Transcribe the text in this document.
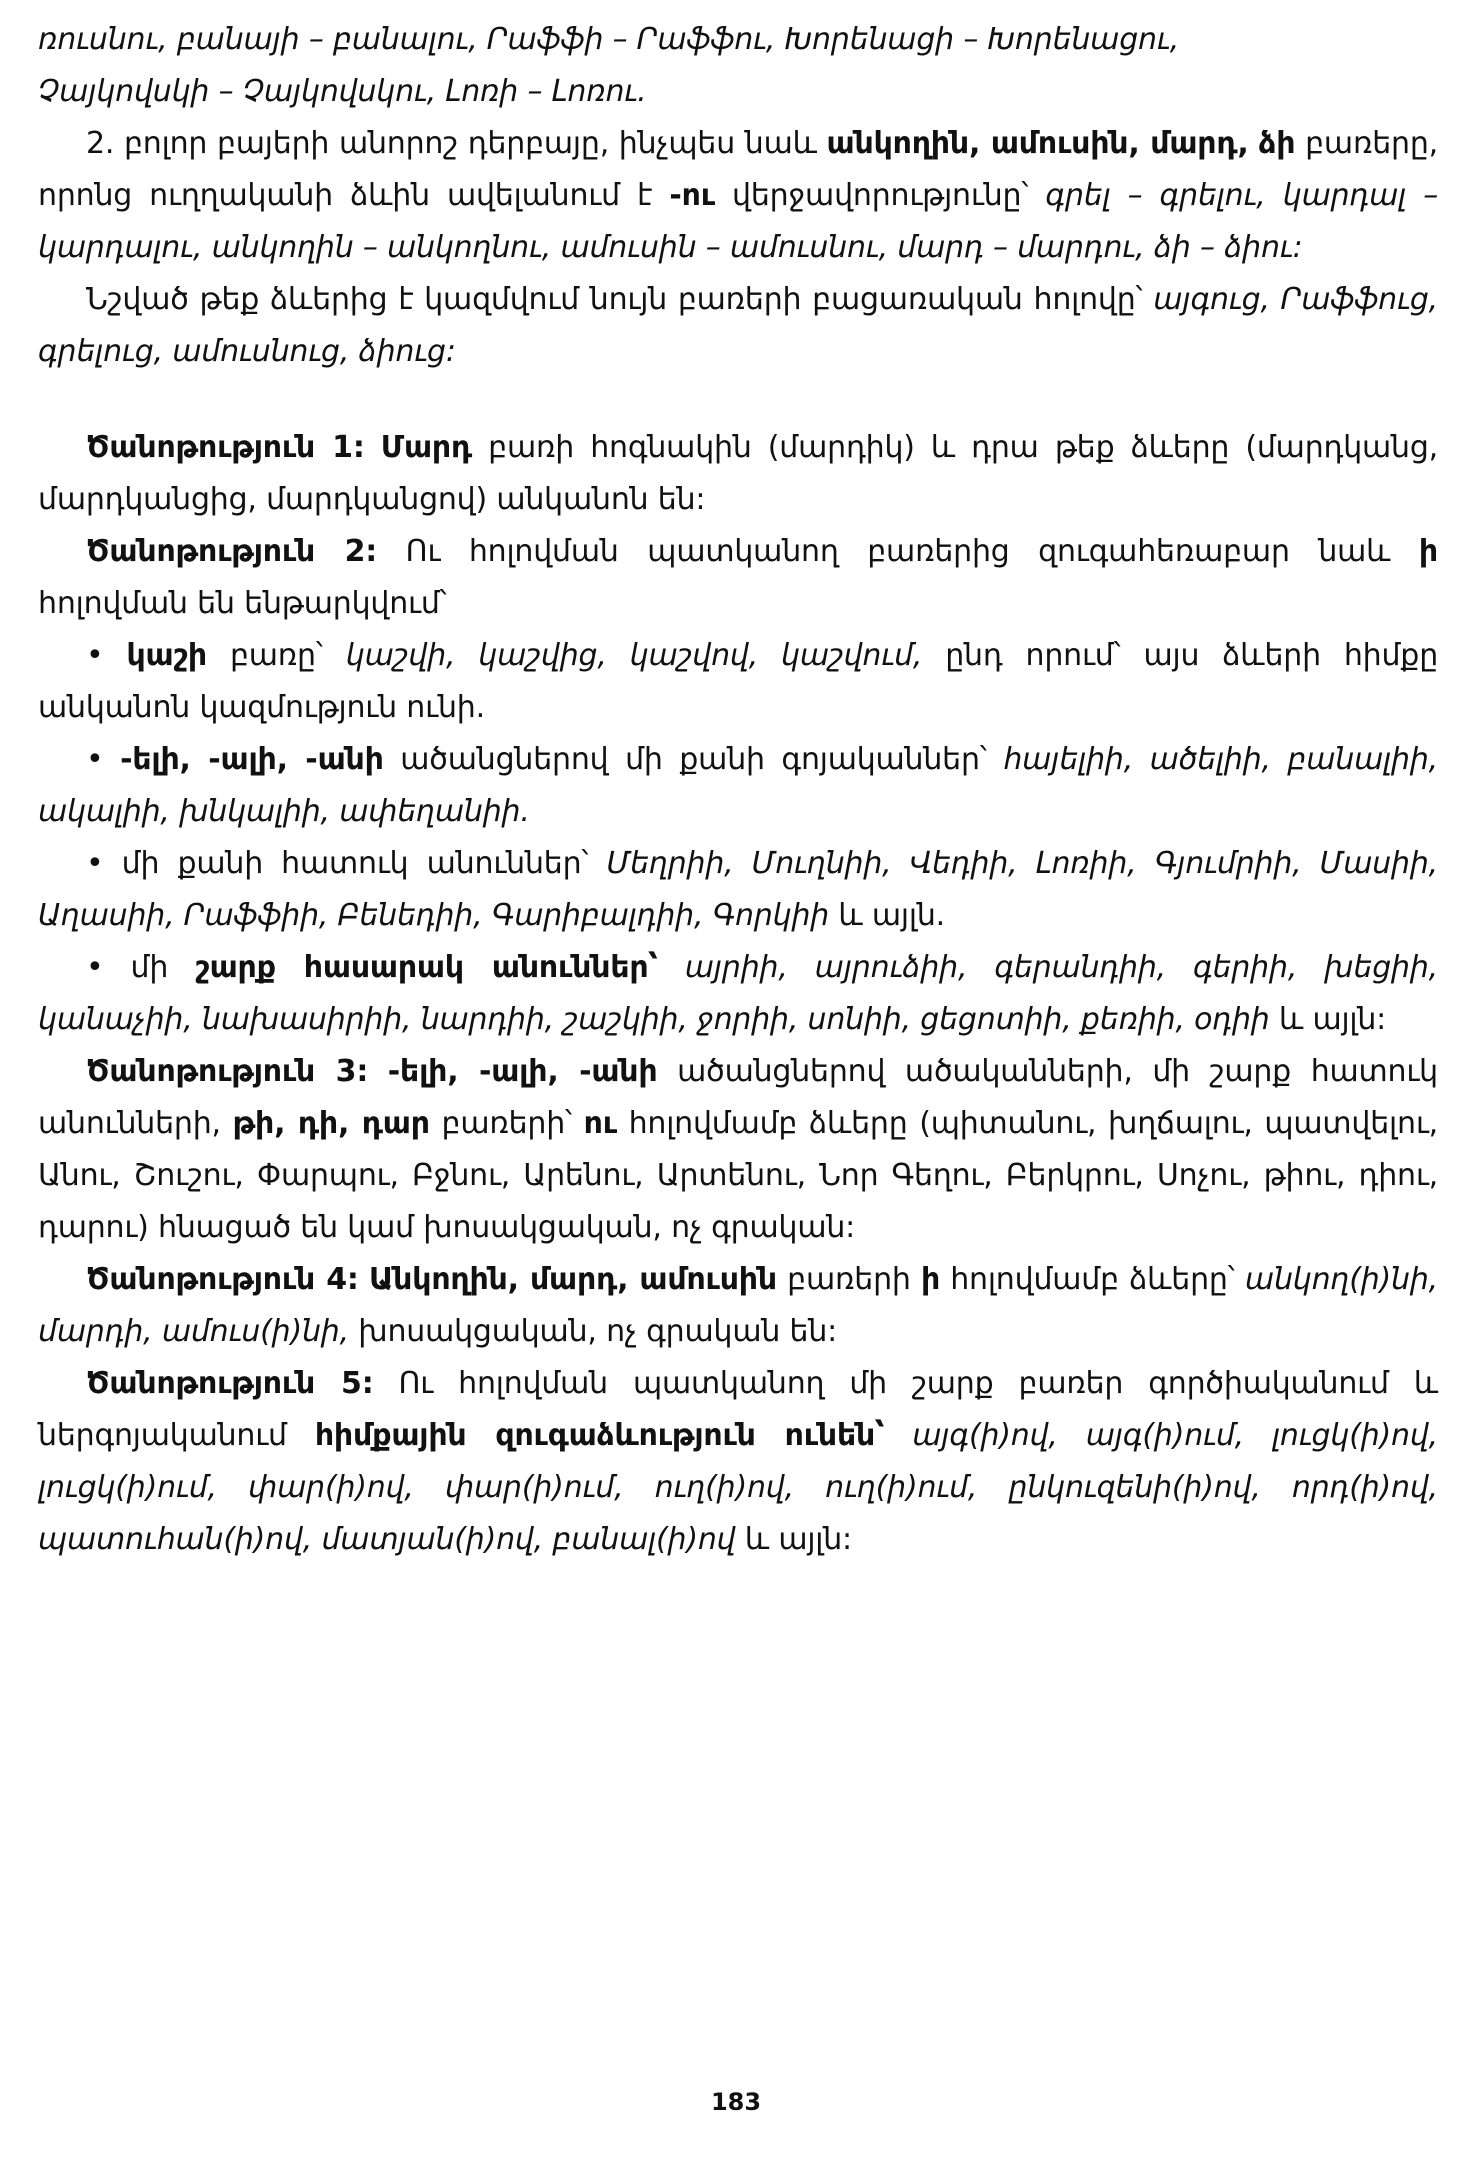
ռուսնու, բանայի – բանալու, Րաֆֆի – Րաֆֆու, Խորենացի – Խորենացու,
Չայկովսկի – Չայկովսկու, Լոռի – Լոռու.

2. բոլոր բայերի անորոշ դերբայը, ինչպես նաև անկողին, ամուսին, մարդ, ձի բառերը, որոնց ուղղականի ձևին ավելանում է -ու վերջավորությունը՝ գրել – գրելու, կարդալ – կարդալու, անկողին – անկողնու, ամուսին – ամուսնու, մարդ – մարդու, ձի – ձիու:

Նշված թեք ձևերից է կազմվում նույն բառերի բացառական հոլովը՝ այգուց, Րաֆֆուց, գրելուց, ամուսնուց, ձիուց:

Ծանոթություն 1: Մարդ բառի հոգնակին (մարդիկ) և դրա թեք ձևերը (մարդկանց, մարդկանցից, մարդկանցով) անկանոն են:

Ծանոթություն 2: Ու հոլովման պատկանող բառերից զուգահեռաբար նաև ի հոլովման են ենթարկվում՝

• կաշի բառը՝ կաշվի, կաշվից, կաշվով, կաշվում, ընդ որում՝ այս ձևերի հիմքը անկանոն կազմություն ունի.

• -ելի, -ալի, -անի ածանցներով մի քանի գոյականներ՝ հայելիի, ածելիի, բանալիի, ակալիի, խնկալիի, ափեղանիի.

• մի քանի հատուկ անուններ՝ Մեղրիի, Մուղնիի, Վեդիի, Լոռիի, Գյումրիի, Մասիի, Աղասիի, Րաֆֆիի, Բենեդիի, Գարիբալդիի, Գորկիի և այլն.

• մի շարք հասարակ անուններ՝ այրիի, այրուձիի, գերանդիի, գերիի, խեցիի, կանաչիի, նախասիրիի, նարդիի, շաշկիի, ջորիի, սոնիի, ցեցոտիի, քեռիի, օդիի և այլն:

Ծանոթություն 3: -ելի, -ալի, -անի ածանցներով ածականների, մի շարք հատուկ անունների, թի, դի, դար բառերի՝ ու հոլովմամբ ձևերը (պիտանու, խղճալու, պատվելու, Անու, Շուշու, Փարպու, Բջնու, Արենու, Արտենու, Նոր Գեղու, Բերկրու, Սոչու, թիու, դիու, դարու) հնացած են կամ խոսակցական, ոչ գրական:

Ծանոթություն 4: Անկողին, մարդ, ամուսին բառերի ի հոլովմամբ ձևերը՝ անկող(ի)նի, մարդի, ամուս(ի)նի, խոսակցական, ոչ գրական են:

Ծանոթություն 5: Ու հոլովման պատկանող մի շարք բառեր գործիականում և ներգոյականում հիմքային զուգաձևություն ունեն՝ այգ(ի)ով, այգ(ի)ում, լուցկ(ի)ով, լուցկ(ի)ում, փար(ի)ով, փար(ի)ում, ուղ(ի)ով, ուղ(ի)ում, ընկուզենի(ի)ով, որդ(ի)ով, պատուհան(ի)ով, մատյան(ի)ով, բանալ(ի)ով և այլն:

183
